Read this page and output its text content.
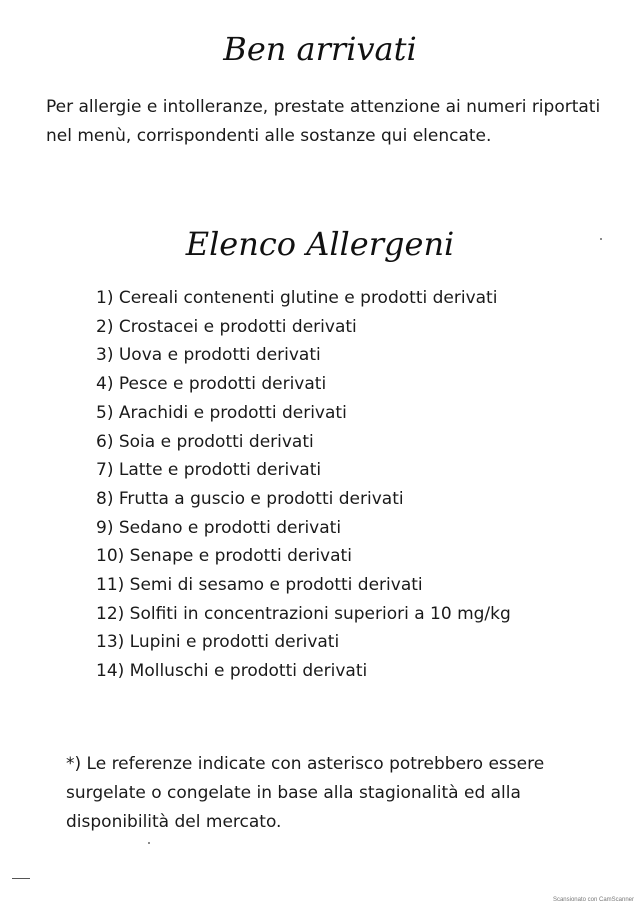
Ben arrivati

Per allergie e intolleranze, prestate attenzione ai numeri riportati nel menù, corrispondenti alle sostanze qui elencate.

Elenco Allergeni
1) Cereali contenenti glutine e prodotti derivati
2) Crostacei e prodotti derivati
3) Uova e prodotti derivati
4) Pesce e prodotti derivati
5) Arachidi e prodotti derivati
6) Soia e prodotti derivati
7) Latte e prodotti derivati
8) Frutta a guscio e prodotti derivati
9) Sedano e prodotti derivati
10) Senape e prodotti derivati
11) Semi di sesamo e prodotti derivati
12) Solfiti in concentrazioni superiori a 10 mg/kg
13) Lupini e prodotti derivati
14) Molluschi e prodotti derivati

*) Le referenze indicate con asterisco potrebbero essere surgelate o congelate in base alla stagionalità ed alla disponibilità del mercato.

Scansionato con CamScanner
